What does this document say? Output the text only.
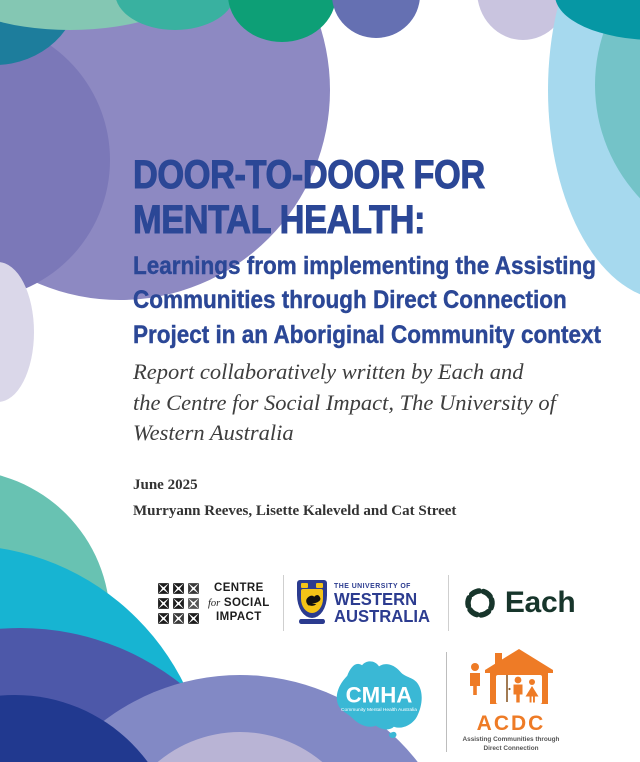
DOOR-TO-DOOR FOR
MENTAL HEALTH:
Learnings from implementing the Assisting
Communities through Direct Connection
Project in an Aboriginal Community context
Report collaboratively written by Each and
the Centre for Social Impact, The University of
Western Australia
June 2025
Murryann Reeves, Lisette Kaleveld and Cat Street
CENTRE
for SOCIAL
IMPACT
THE UNIVERSITY OF
WESTERN
AUSTRALIA	Each
CMHA
Community Mental Health Australia
ACDC
Assisting Communities through
Direct Connection
